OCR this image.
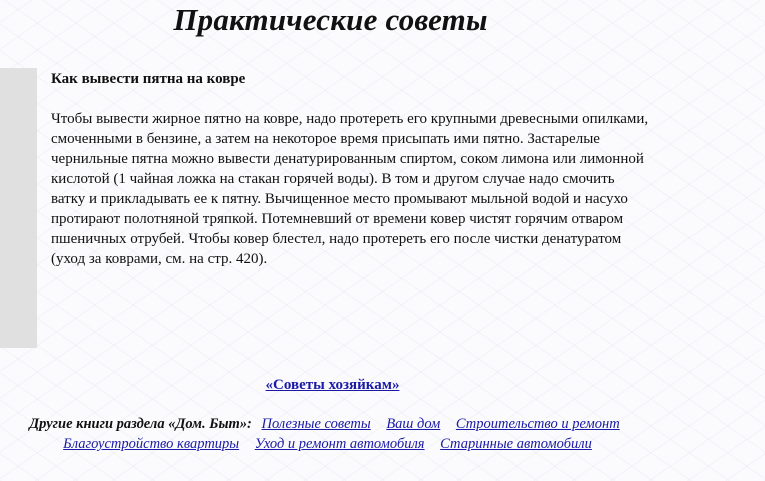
Практические советы

Как вывести пятна на ковре

Чтобы вывести жирное пятно на ковре, надо протереть его крупными древесными опилками, смоченными в бензине, а затем на некоторое время присыпать ими пятно. Застарелые чернильные пятна можно вывести денатурированным спиртом, соком лимона или лимонной кислотой (1 чайная ложка на стакан горячей воды). В том и другом случае надо смочить ватку и прикладывать ее к пятну. Вычищенное место промывают мыльной водой и насухо протирают полотняной тряпкой. Потемневший от времени ковер чистят горячим отваром пшеничных отрубей. Чтобы ковер блестел, надо протереть его после чистки денатуратом (уход за коврами, см. на стр. 420).

«Советы хозяйкам»
Другие книги раздела «Дом. Быт»: Полезные советы Ваш дом Строительство и ремонт
Благоустройство квартиры Уход и ремонт автомобиля Старинные автомобили
